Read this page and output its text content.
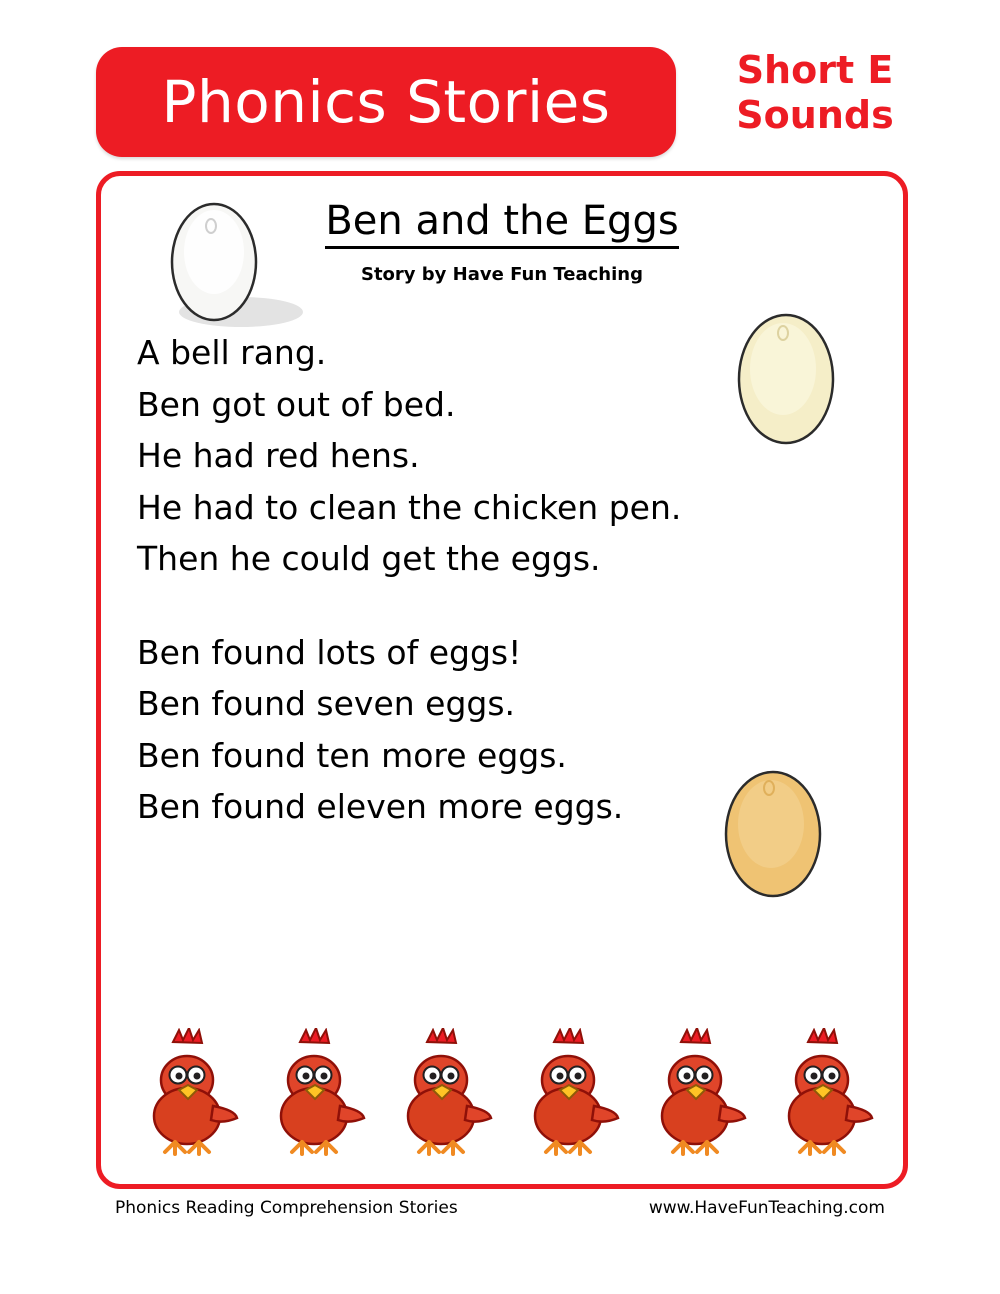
Phonics Stories	Short E
Sounds
Ben and the Eggs
Story by Have Fun Teaching

A bell rang.

Ben got out of bed.

He had red hens.

He had to clean the chicken pen.

Then he could get the eggs.

Ben found lots of eggs!

Ben found seven eggs.

Ben found ten more eggs.

Ben found eleven more eggs.

Phonics Reading Comprehension Stories	www.HaveFunTeaching.com
